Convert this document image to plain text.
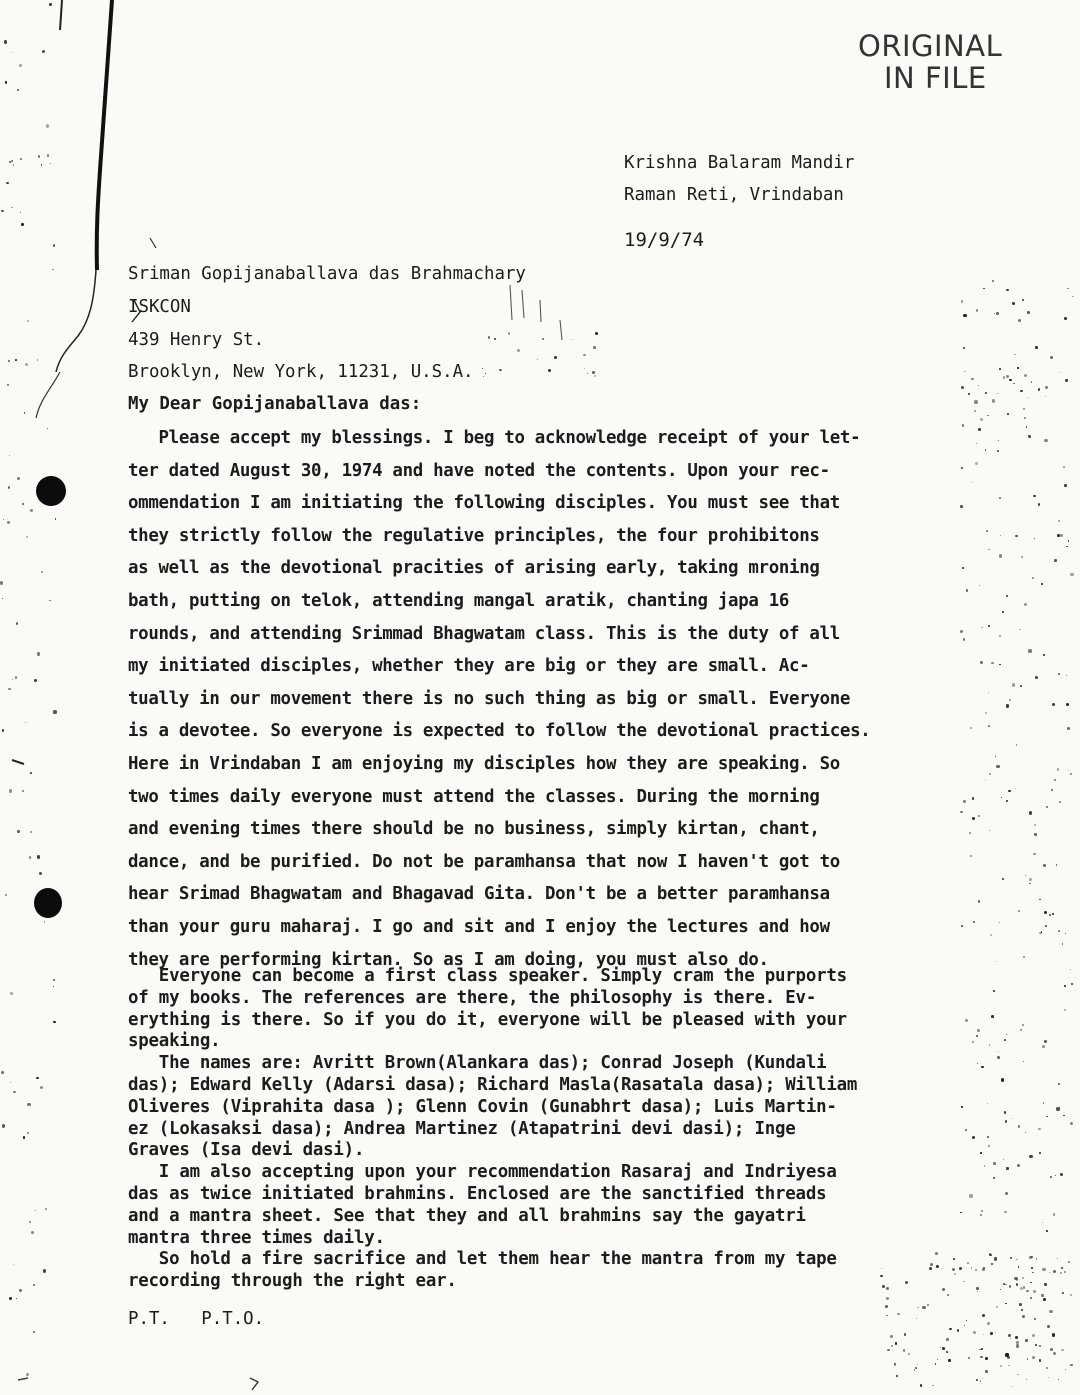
ORIGINAL
IN FILE
Krishna Balaram Mandir
Raman Reti, Vrindaban
19/9/74
Sriman Gopijanaballava das Brahmachary
ISKCON
439 Henry St.
Brooklyn, New York, 11231, U.S.A.
My Dear Gopijanaballava das:
Please accept my blessings. I beg to acknowledge receipt of your let-
ter dated August 30, 1974 and have noted the contents. Upon your rec-
ommendation I am initiating the following disciples. You must see that
they strictly follow the regulative principles, the four prohibitons
as well as the devotional pracities of arising early, taking mroning
bath, putting on telok, attending mangal aratik, chanting japa 16
rounds, and attending Srimmad Bhagwatam class. This is the duty of all
my initiated disciples, whether they are big or they are small. Ac-
tually in our movement there is no such thing as big or small. Everyone
is a devotee. So everyone is expected to follow the devotional practices.
Here in Vrindaban I am enjoying my disciples how they are speaking. So
two times daily everyone must attend the classes. During the morning
and evening times there should be no business, simply kirtan, chant,
dance, and be purified. Do not be paramhansa that now I haven't got to
hear Srimad Bhagwatam and Bhagavad Gita. Don't be a better paramhansa
than your guru maharaj. I go and sit and I enjoy the lectures and how
they are performing kirtan. So as I am doing, you must also do.
Everyone can become a first class speaker. Simply cram the purports
of my books. The references are there, the philosophy is there. Ev-
erything is there. So if you do it, everyone will be pleased with your
speaking.
The names are: Avritt Brown(Alankara das); Conrad Joseph (Kundali
das); Edward Kelly (Adarsi dasa); Richard Masla(Rasatala dasa); William
Oliveres (Viprahita dasa ); Glenn Covin (Gunabhrt dasa); Luis Martin-
ez (Lokasaksi dasa); Andrea Martinez (Atapatrini devi dasi); Inge
Graves (Isa devi dasi).
I am also accepting upon your recommendation Rasaraj and Indriyesa
das as twice initiated brahmins. Enclosed are the sanctified threads
and a mantra sheet. See that they and all brahmins say the gayatri
mantra three times daily.
So hold a fire sacrifice and let them hear the mantra from my tape
recording through the right ear.
P.T.   P.T.O.
